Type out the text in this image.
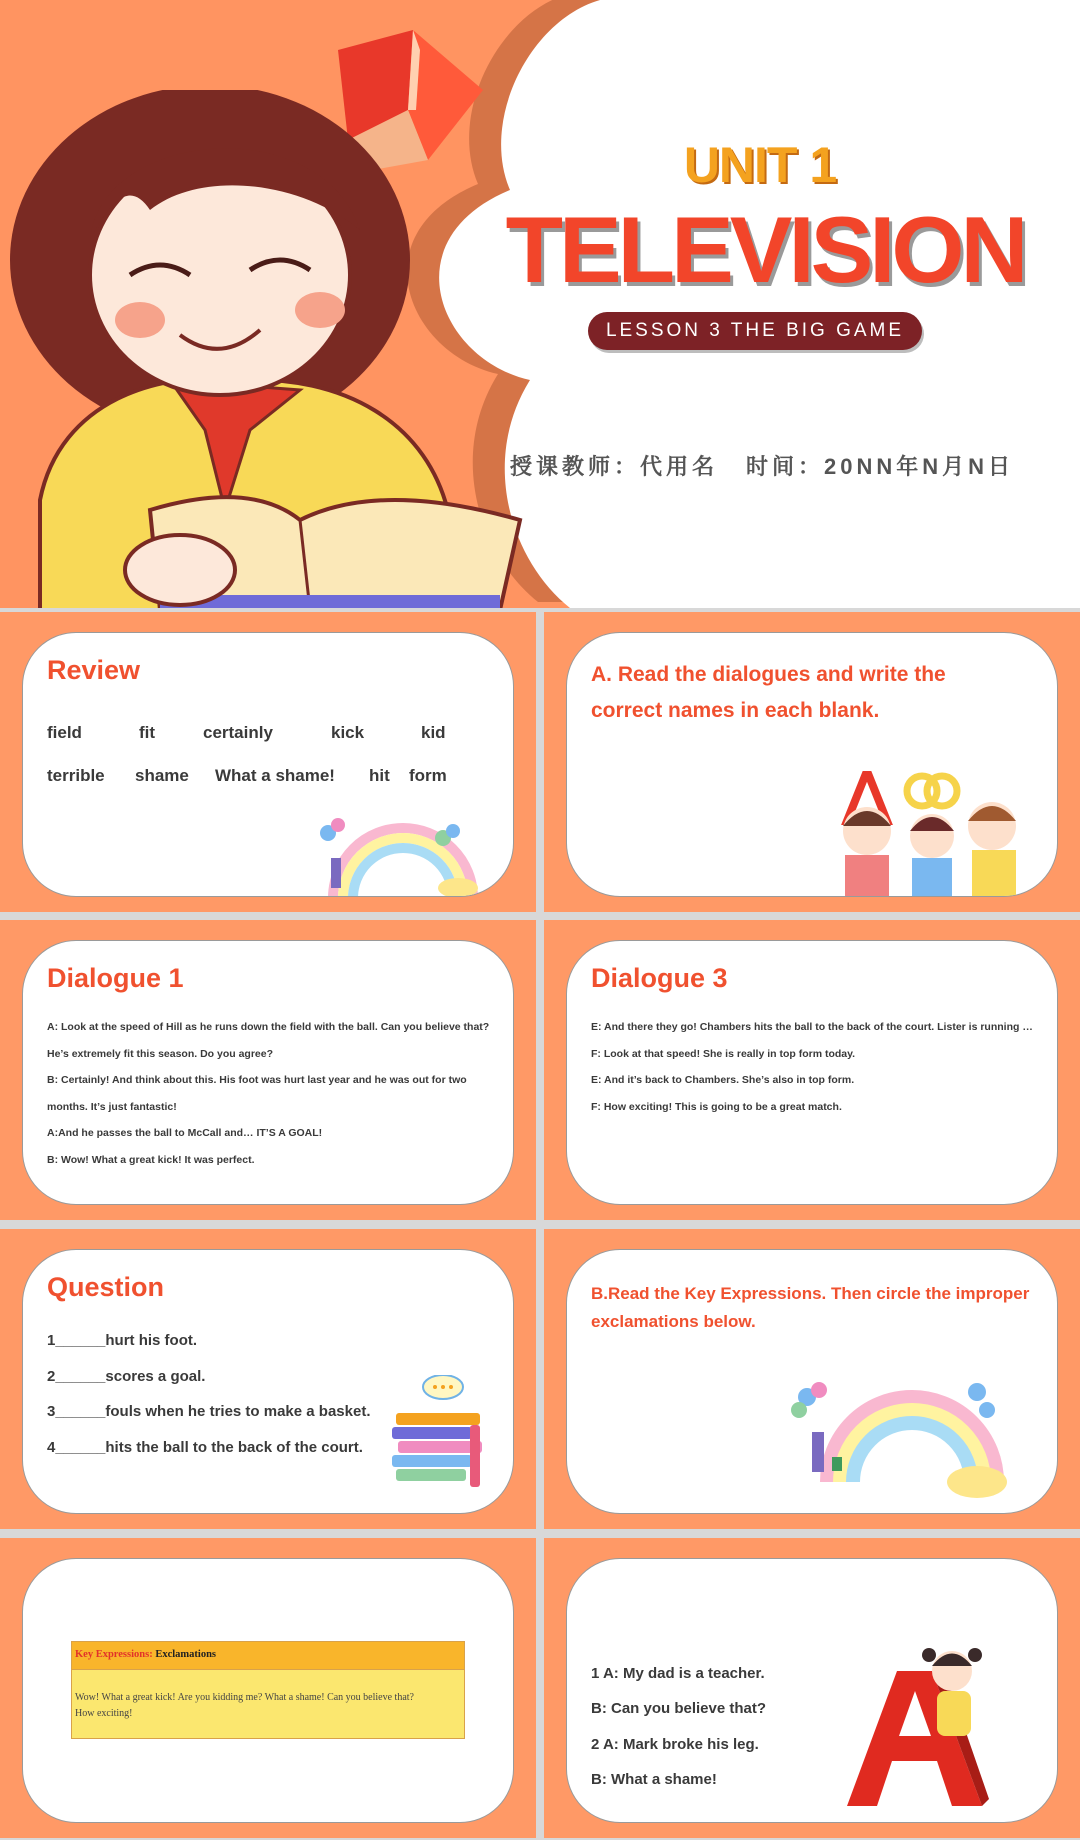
UNIT 1
TELEVISION
LESSON 3 THE BIG GAME
授课教师：代用名 时间：20NN年N月N日
Review
field	fit	certainly	kick	kid
terrible shame What a shame! hit form
A. Read the dialogues and write the
correct names in each blank.
Dialogue 1
A: Look at the speed of Hill as he runs down the field with the ball. Can you believe that?
He’s extremely fit this season. Do you agree?
B: Certainly! And think about this. His foot was hurt last year and he was out for two
months. It’s just fantastic!
A:And he passes the ball to McCall and… IT’S A GOAL!
B: Wow! What a great kick! It was perfect.
Dialogue 3
E: And there they go! Chambers hits the ball to the back of the court. Lister is running …
F: Look at that speed! She is really in top form today.
E: And it’s back to Chambers. She’s also in top form.
F: How exciting! This is going to be a great match.
Question
1______hurt his foot.
2______scores a goal.
3______fouls when he tries to make a basket.
4______hits the ball to the back of the court.
B.Read the Key Expressions. Then circle the improper
exclamations below.
Key Expressions: Exclamations
Wow! What a great kick! Are you kidding me? What a shame! Can you believe that?
How exciting!
1 A: My dad is a teacher.
B: Can you believe that?
2 A: Mark broke his leg.
B: What a shame!
